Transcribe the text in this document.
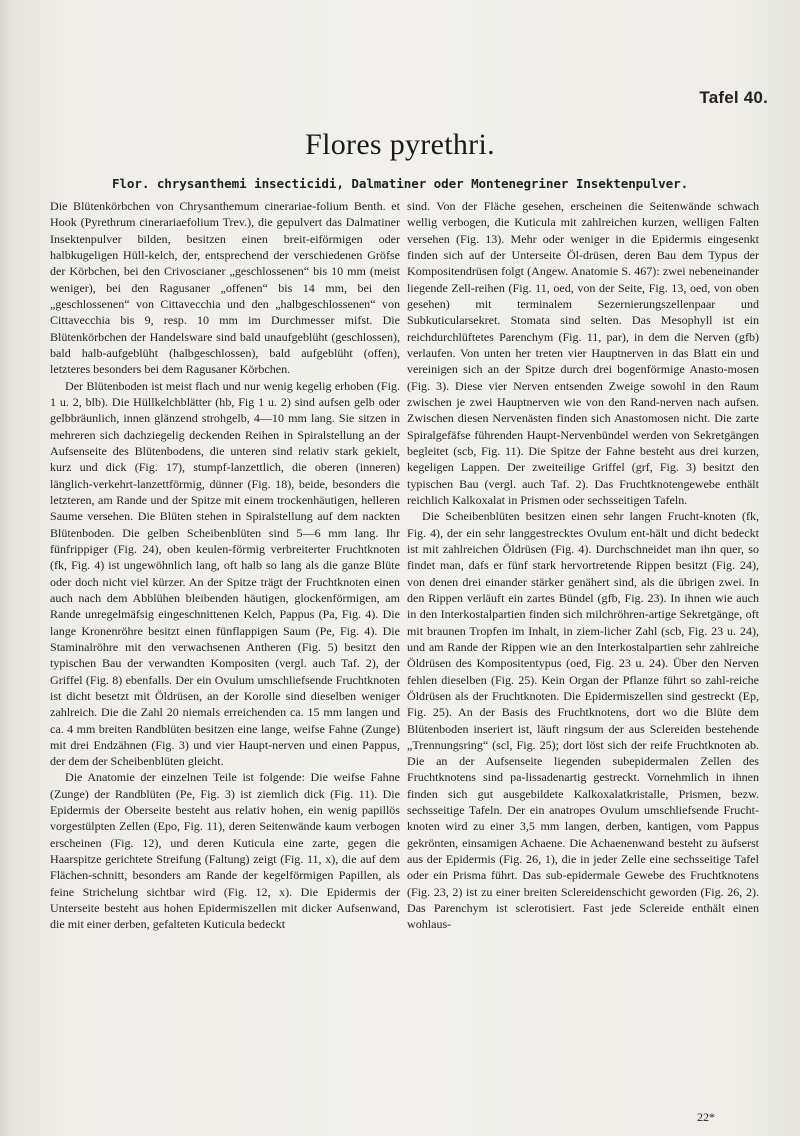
Tafel 40.
Flores pyrethri.
Flor. chrysanthemi insecticidi, Dalmatiner oder Montenegriner Insektenpulver.

Die Blütenkörbchen von Chrysanthemum cinerariae-folium Benth. et Hook (Pyrethrum cinerariaefolium Trev.), die gepulvert das Dalmatiner Insektenpulver bilden, besitzen einen breit-eiförmigen oder halbkugeligen Hüll-kelch, der, entsprechend der verschiedenen Gröfse der Körbchen, bei den Crivoscianer „geschlossenen“ bis 10 mm (meist weniger), bei den Ragusaner „offenen“ bis 14 mm, bei den „geschlossenen“ von Cittavecchia und den „halbgeschlossenen“ von Cittavecchia bis 9, resp. 10 mm im Durchmesser mifst. Die Blütenkörbchen der Handelsware sind bald unaufgeblüht (geschlossen), bald halb-aufgeblüht (halbgeschlossen), bald aufgeblüht (offen), letzteres besonders bei dem Ragusaner Körbchen.

Der Blütenboden ist meist flach und nur wenig kegelig erhoben (Fig. 1 u. 2, blb). Die Hüllkelchblätter (hb, Fig 1 u. 2) sind aufsen gelb oder gelbbräunlich, innen glänzend strohgelb, 4—10 mm lang. Sie sitzen in mehreren sich dachziegelig deckenden Reihen in Spiralstellung an der Aufsenseite des Blütenbodens, die unteren sind relativ stark gekielt, kurz und dick (Fig. 17), stumpf-lanzettlich, die oberen (inneren) länglich-verkehrt-lanzettförmig, dünner (Fig. 18), beide, besonders die letzteren, am Rande und der Spitze mit einem trockenhäutigen, helleren Saume versehen. Die Blüten stehen in Spiralstellung auf dem nackten Blütenboden. Die gelben Scheibenblüten sind 5—6 mm lang. Ihr fünfrippiger (Fig. 24), oben keulen-förmig verbreiterter Fruchtknoten (fk, Fig. 4) ist ungewöhnlich lang, oft halb so lang als die ganze Blüte oder doch nicht viel kürzer. An der Spitze trägt der Fruchtknoten einen auch nach dem Abblühen bleibenden häutigen, glockenförmigen, am Rande unregelmäfsig eingeschnittenen Kelch, Pappus (Pa, Fig. 4). Die lange Kronenröhre besitzt einen fünflappigen Saum (Pe, Fig. 4). Die Staminalröhre mit den verwachsenen Antheren (Fig. 5) besitzt den typischen Bau der verwandten Kompositen (vergl. auch Taf. 2), der Griffel (Fig. 8) ebenfalls. Der ein Ovulum umschliefsende Fruchtknoten ist dicht besetzt mit Öldrüsen, an der Korolle sind dieselben weniger zahlreich. Die die Zahl 20 niemals erreichenden ca. 15 mm langen und ca. 4 mm breiten Randblüten besitzen eine lange, weifse Fahne (Zunge) mit drei Endzähnen (Fig. 3) und vier Haupt-nerven und einen Pappus, der dem der Scheibenblüten gleicht.

Die Anatomie der einzelnen Teile ist folgende: Die weifse Fahne (Zunge) der Randblüten (Pe, Fig. 3) ist ziemlich dick (Fig. 11). Die Epidermis der Oberseite besteht aus relativ hohen, ein wenig papillös vorgestülpten Zellen (Epo, Fig. 11), deren Seitenwände kaum verbogen erscheinen (Fig. 12), und deren Kuticula eine zarte, gegen die Haarspitze gerichtete Streifung (Faltung) zeigt (Fig. 11, x), die auf dem Flächen-schnitt, besonders am Rande der kegelförmigen Papillen, als feine Strichelung sichtbar wird (Fig. 12, x). Die Epidermis der Unterseite besteht aus hohen Epidermiszellen mit dicker Aufsenwand, die mit einer derben, gefalteten Kuticula bedeckt

sind. Von der Fläche gesehen, erscheinen die Seitenwände schwach wellig verbogen, die Kuticula mit zahlreichen kurzen, welligen Falten versehen (Fig. 13). Mehr oder weniger in die Epidermis eingesenkt finden sich auf der Unterseite Öl-drüsen, deren Bau dem Typus der Kompositendrüsen folgt (Angew. Anatomie S. 467): zwei nebeneinander liegende Zell-reihen (Fig. 11, oed, von der Seite, Fig. 13, oed, von oben gesehen) mit terminalem Sezernierungszellenpaar und Subkuticularsekret. Stomata sind selten. Das Mesophyll ist ein reichdurchlüftetes Parenchym (Fig. 11, par), in dem die Nerven (gfb) verlaufen. Von unten her treten vier Hauptnerven in das Blatt ein und vereinigen sich an der Spitze durch drei bogenförmige Anasto-mosen (Fig. 3). Diese vier Nerven entsenden Zweige sowohl in den Raum zwischen je zwei Hauptnerven wie von den Rand-nerven nach aufsen. Zwischen diesen Nervenästen finden sich Anastomosen nicht. Die zarte Spiralgefäfse führenden Haupt-Nervenbündel werden von Sekretgängen begleitet (scb, Fig. 11). Die Spitze der Fahne besteht aus drei kurzen, kegeligen Lappen. Der zweiteilige Griffel (grf, Fig. 3) besitzt den typischen Bau (vergl. auch Taf. 2). Das Fruchtknotengewebe enthält reichlich Kalkoxalat in Prismen oder sechsseitigen Tafeln.

Die Scheibenblüten besitzen einen sehr langen Frucht-knoten (fk, Fig. 4), der ein sehr langgestrecktes Ovulum ent-hält und dicht bedeckt ist mit zahlreichen Öldrüsen (Fig. 4). Durchschneidet man ihn quer, so findet man, dafs er fünf stark hervortretende Rippen besitzt (Fig. 24), von denen drei einander stärker genähert sind, als die übrigen zwei. In den Rippen verläuft ein zartes Bündel (gfb, Fig. 23). In ihnen wie auch in den Interkostalpartien finden sich milchröhren-artige Sekretgänge, oft mit braunen Tropfen im Inhalt, in ziem-licher Zahl (scb, Fig. 23 u. 24), und am Rande der Rippen wie an den Interkostalpartien sehr zahlreiche Öldrüsen des Kompositentypus (oed, Fig. 23 u. 24). Über den Nerven fehlen dieselben (Fig. 25). Kein Organ der Pflanze führt so zahl-reiche Öldrüsen als der Fruchtknoten. Die Epidermiszellen sind gestreckt (Ep, Fig. 25). An der Basis des Fruchtknotens, dort wo die Blüte dem Blütenboden inseriert ist, läuft ringsum der aus Sclereiden bestehende „Trennungsring“ (scl, Fig. 25); dort löst sich der reife Fruchtknoten ab. Die an der Aufsenseite liegenden subepidermalen Zellen des Fruchtknotens sind pa-lissadenartig gestreckt. Vornehmlich in ihnen finden sich gut ausgebildete Kalkoxalatkristalle, Prismen, bezw. sechsseitige Tafeln. Der ein anatropes Ovulum umschliefsende Frucht-knoten wird zu einer 3,5 mm langen, derben, kantigen, vom Pappus gekrönten, einsamigen Achaene. Die Achaenenwand besteht zu äufserst aus der Epidermis (Fig. 26, 1), die in jeder Zelle eine sechsseitige Tafel oder ein Prisma führt. Das sub-epidermale Gewebe des Fruchtknotens (Fig. 23, 2) ist zu einer breiten Sclereidenschicht geworden (Fig. 26, 2). Das Parenchym ist sclerotisiert. Fast jede Sclereide enthält einen wohlaus-

22*
